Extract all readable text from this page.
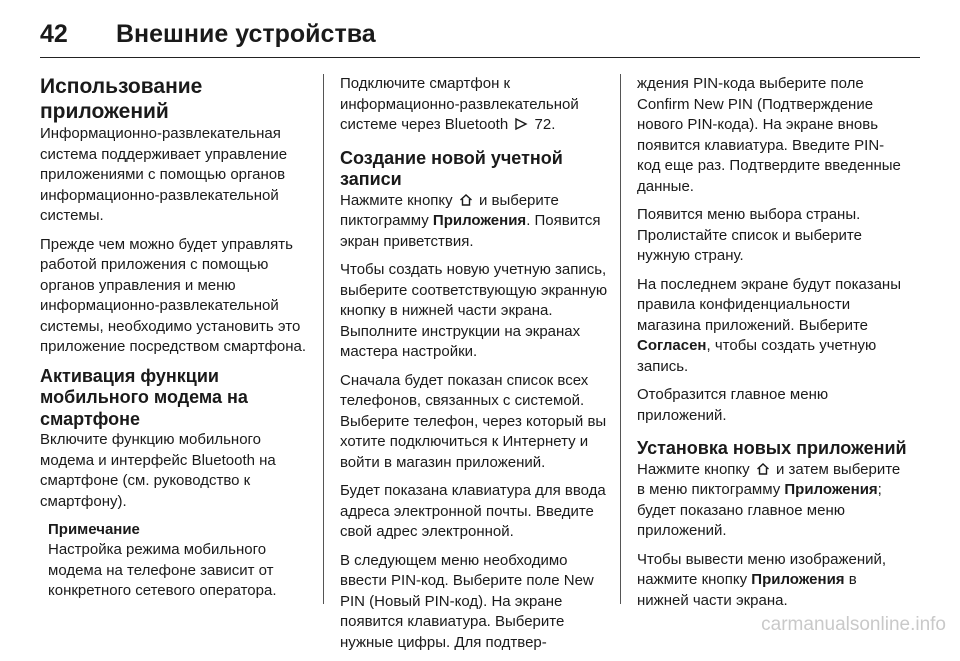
42	Внешние устройства
Использование приложений

Информационно-развлекательная система поддерживает управление приложениями с помощью органов информационно-развлекательной системы.

Прежде чем можно будет управлять работой приложения с помощью органов управления и меню информационно-развлекательной системы, необходимо установить это приложение посредством смартфона.

Активация функции мобильного модема на смартфоне

Включите функцию мобильного модема и интерфейс Bluetooth на смартфоне (см. руководство к смартфону).

Примечание

Настройка режима мобильного модема на телефоне зависит от конкретного сетевого оператора.

Подключите смартфон к информационно-развлекательной системе через Bluetooth 72.

Создание новой учетной записи

Нажмите кнопку и выберите пиктограмму Приложения. Появится экран приветствия.

Чтобы создать новую учетную запись, выберите соответствующую экранную кнопку в нижней части экрана. Выполните инструкции на экранах мастера настройки.

Сначала будет показан список всех телефонов, связанных с системой. Выберите телефон, через который вы хотите подключиться к Интернету и войти в магазин приложений.

Будет показана клавиатура для ввода адреса электронной почты. Введите свой адрес электронной.

В следующем меню необходимо ввести PIN-код. Выберите поле New PIN (Новый PIN-код). На экране появится клавиатура. Выберите нужные цифры. Для подтвер-

ждения PIN-кода выберите поле Confirm New PIN (Подтверждение нового PIN-кода). На экране вновь появится клавиатура. Введите PIN-код еще раз. Подтвердите введенные данные.

Появится меню выбора страны. Пролистайте список и выберите нужную страну.

На последнем экране будут показаны правила конфиденциальности магазина приложений. Выберите Согласен, чтобы создать учетную запись.

Отобразится главное меню приложений.

Установка новых приложений

Нажмите кнопку и затем выберите в меню пиктограмму Приложения; будет показано главное меню приложений.

Чтобы вывести меню изображений, нажмите кнопку Приложения в нижней части экрана.

carmanualsonline.info
